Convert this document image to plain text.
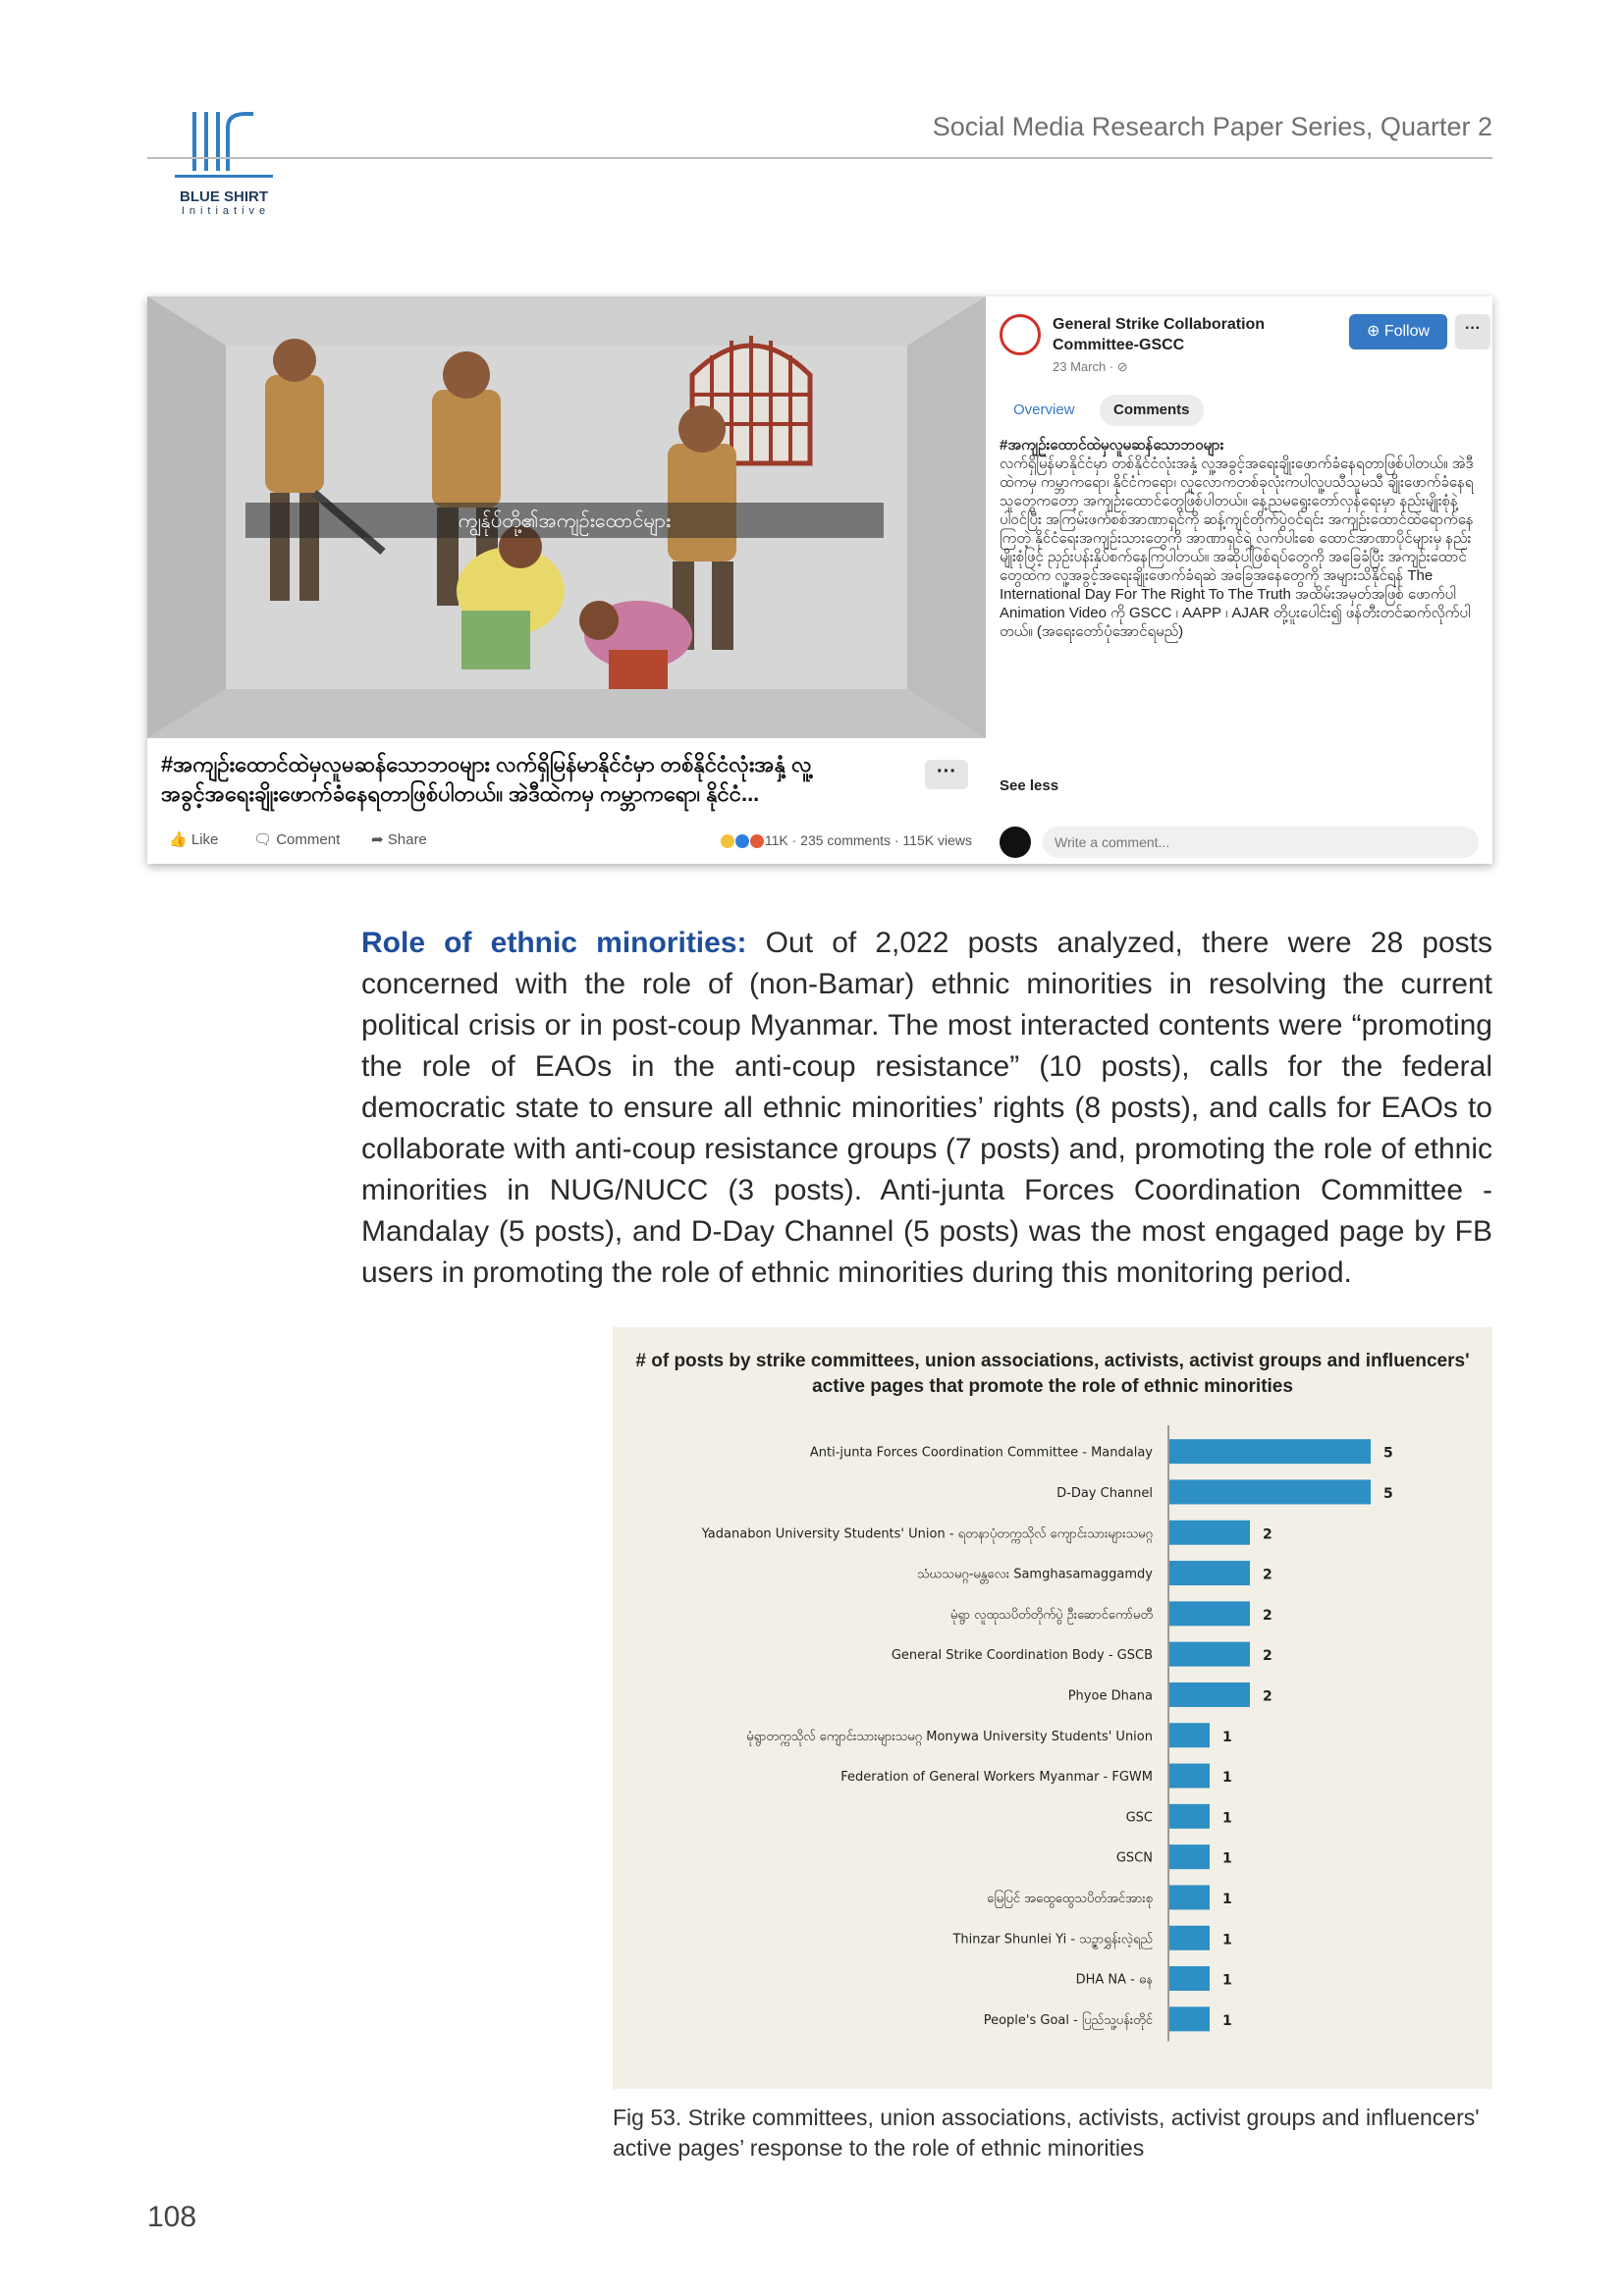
BLUE SHIRT
Initiative
Social Media Research Paper Series, Quarter 2
ကျွန်ုပ်တို့၏အကျဉ်းထောင်များ
#အကျဉ်းထောင်ထဲမှလူမဆန်သောဘဝများ လက်ရှိမြန်မာနိုင်ငံမှာ တစ်နိုင်ငံလုံးအနှံ့ လူ့အခွင့်အရေးချိုးဖောက်ခံနေရတာဖြစ်ပါတယ်။ အဲဒီထဲကမှ ကမ္ဘာကရော၊ နိုင်ငံ...
···
👍 Like 🗨 Comment ➦ Share	11K · 235 comments · 115K views
General Strike Collaboration Committee-GSCC
23 March · ⊘
⊕ Follow	···
Overview	Comments
#အကျဉ်းထောင်ထဲမှလူမဆန်သောဘဝများ
လက်ရှိမြန်မာနိုင်ငံမှာ တစ်နိုင်ငံလုံးအနှံ့ လူ့အခွင့်အရေးချိုးဖောက်ခံနေရတာဖြစ်ပါတယ်။ အဲဒီထဲကမှ ကမ္ဘာကရော၊ နိုင်ငံကရော၊ လူလောကတစ်ခုလုံးကပါလူ့ပသီသူမသီ ချိုးဖောက်ခံနေရသူတွေကတော့ အကျဉ်းထောင်တွေဖြစ်ပါတယ်။ နေ့ညမရွေးတော်လှန်ရေးမှာ နည်းမျိုးစုံနဲ့ပါဝင်ပြီး အကြမ်းဖက်စစ်အာဏာရှင်ကို ဆန့်ကျင်တိုက်ပွဲဝင်ရင်း အကျဉ်းထောင်ထဲရောက်နေကြတဲ့ နိုင်ငံရေးအကျဉ်းသားတွေကို အာဏာရှင်ရဲ့ လက်ပါးစေ ထောင်အာဏာပိုင်များမှ နည်းမျိုးစုံဖြင့် ညှဉ်းပန်းနှိပ်စက်နေကြပါတယ်။ အဆိုပါဖြစ်ရပ်တွေကို အခြေခံပြီး အကျဉ်းထောင်တွေထဲက လူ့အခွင့်အရေးချိုးဖောက်ခံရဆဲ အခြေအနေတွေကို အများသိနိုင်ရန် The International Day For The Right To The Truth အထိမ်းအမှတ်အဖြစ် ဖောက်ပါ Animation Video ကို GSCC ၊ AAPP ၊ AJAR တို့ပူးပေါင်း၍ ဖန်တီးတင်ဆက်လိုက်ပါတယ်။ (အရေးတော်ပုံအောင်ရမည်)
See less
Write a comment...
Role of ethnic minorities: Out of 2,022 posts analyzed, there were 28 posts concerned with the role of (non-Bamar) ethnic minorities in resolving the current political crisis or in post-coup Myanmar. The most interacted contents were “promoting the role of EAOs in the anti-coup resistance” (10 posts), calls for the federal democratic state to ensure all ethnic minorities’ rights (8 posts), and calls for EAOs to collaborate with anti-coup resistance groups (7 posts) and, promoting the role of ethnic minorities in NUG/NUCC (3 posts). Anti-junta Forces Coordination Committee - Mandalay (5 posts), and D-Day Channel (5 posts) was the most engaged page by FB users in promoting the role of ethnic minorities during this monitoring period.
# of posts by strike committees, union associations, activists, activist groups and influencers' active pages that promote the role of ethnic minorities
Anti-junta Forces Coordination Committee - Mandalay	5
D-Day Channel	5
Yadanabon University Students' Union - ရတနာပုံတက္ကသိုလ် ကျောင်းသားများသမဂ္ဂ	2
သံဃသမဂ္ဂ-မန္တလေး Samghasamaggamdy	2
မုံရွာ လူထုသပိတ်တိုက်ပွဲ ဦးဆောင်ကော်မတီ	2
General Strike Coordination Body - GSCB	2
Phyoe Dhana	2
မုံရွာတက္ကသိုလ် ကျောင်းသားများသမဂ္ဂ Monywa University Students' Union	1
Federation of General Workers Myanmar - FGWM	1
GSC	1
GSCN	1
မြေပြင် အထွေထွေသပိတ်အင်အားစု	1
Thinzar Shunlei Yi - သဉ္ဇာရွှန်းလဲ့ရည်	1
DHA NA - ဓန	1
People's Goal - ပြည်သူ့ပန်းတိုင်	1
Fig 53. Strike committees, union associations, activists, activist groups and influencers' active pages’ response to the role of ethnic minorities
108
